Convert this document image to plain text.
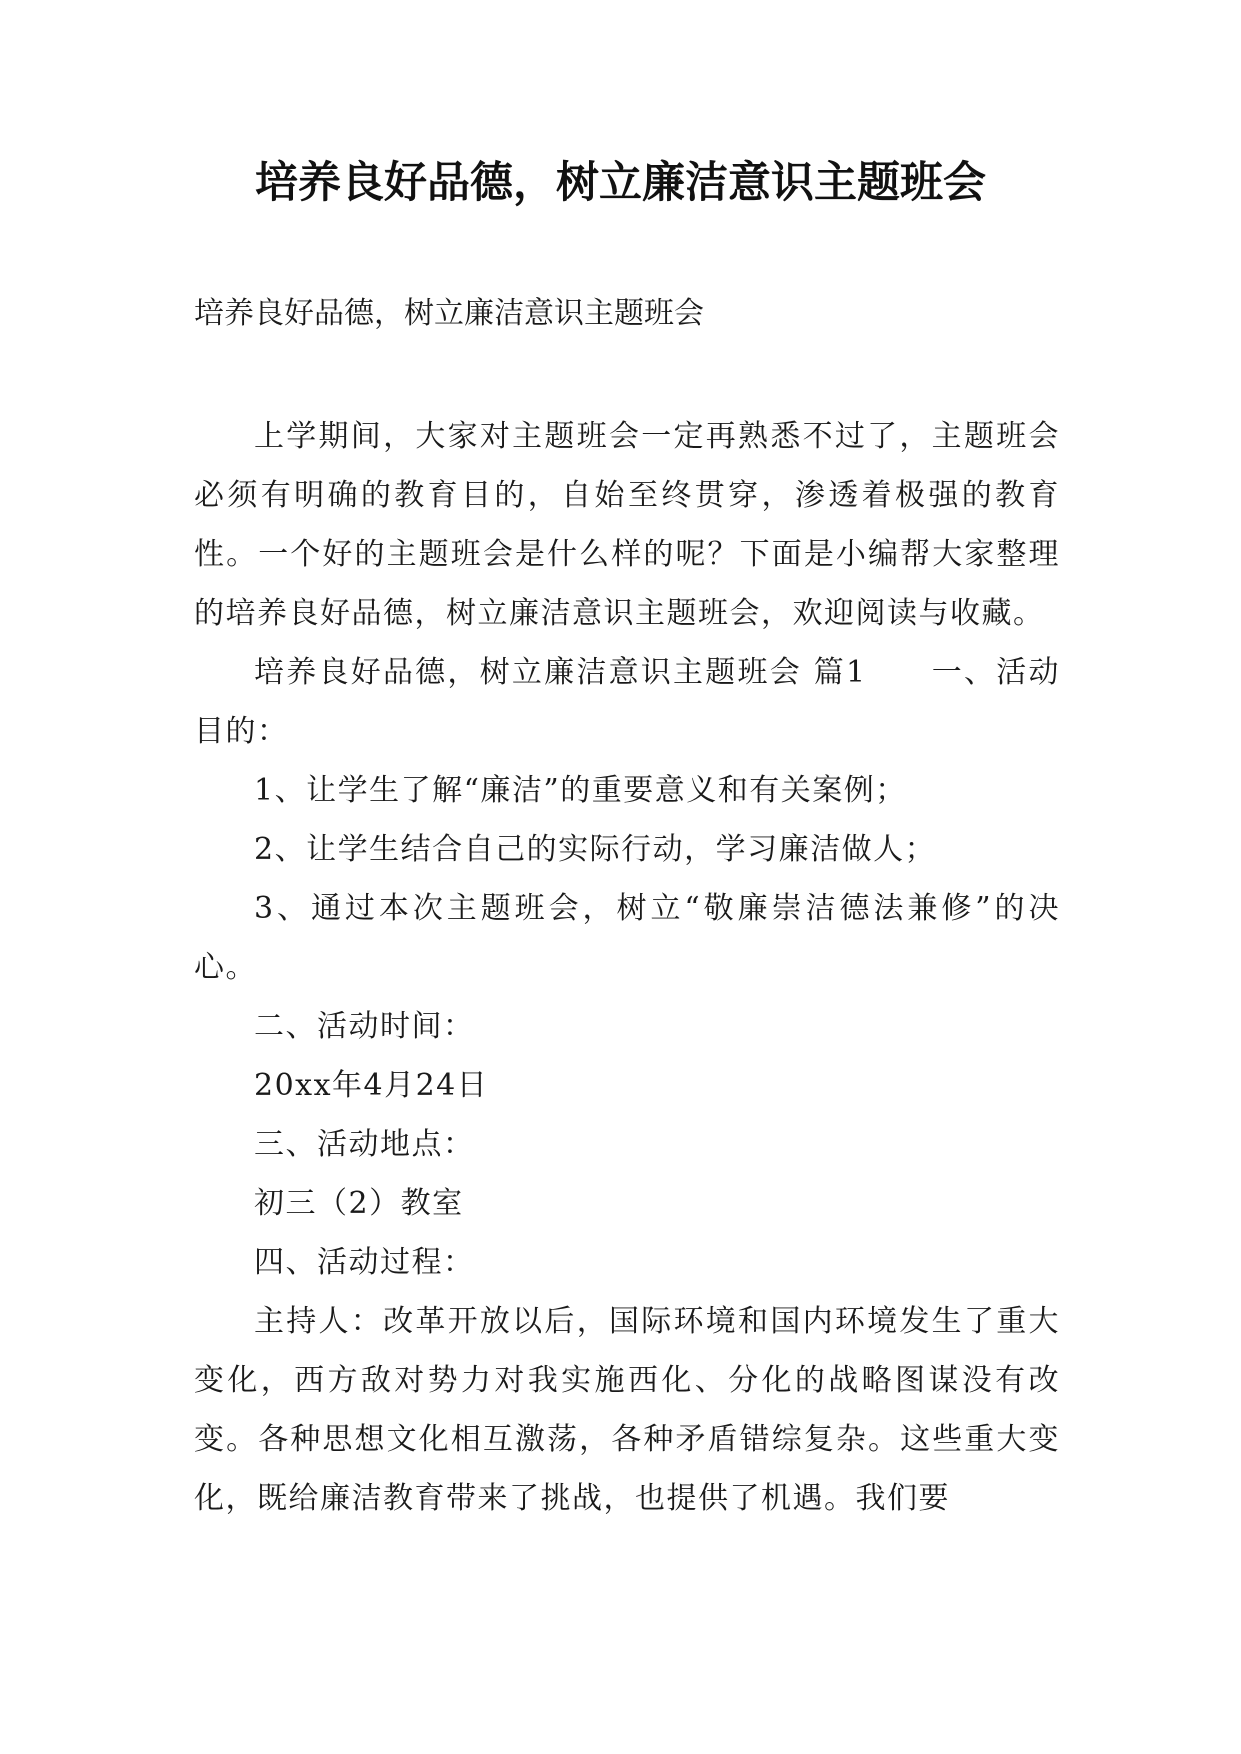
培养良好品德，树立廉洁意识主题班会
培养良好品德，树立廉洁意识主题班会

上学期间，大家对主题班会一定再熟悉不过了，主题班会必须有明确的教育目的，自始至终贯穿，渗透着极强的教育性。一个好的主题班会是什么样的呢？下面是小编帮大家整理的培养良好品德，树立廉洁意识主题班会，欢迎阅读与收藏。

培养良好品德，树立廉洁意识主题班会 篇1　　一、活动目的：

1、让学生了解“廉洁”的重要意义和有关案例；

2、让学生结合自己的实际行动，学习廉洁做人；

3、通过本次主题班会，树立“敬廉崇洁德法兼修”的决心。

二、活动时间：

20xx年4月24日

三、活动地点：

初三（2）教室

四、活动过程：

主持人：改革开放以后，国际环境和国内环境发生了重大变化，西方敌对势力对我实施西化、分化的战略图谋没有改变。各种思想文化相互激荡，各种矛盾错综复杂。这些重大变化，既给廉洁教育带来了挑战，也提供了机遇。我们要
